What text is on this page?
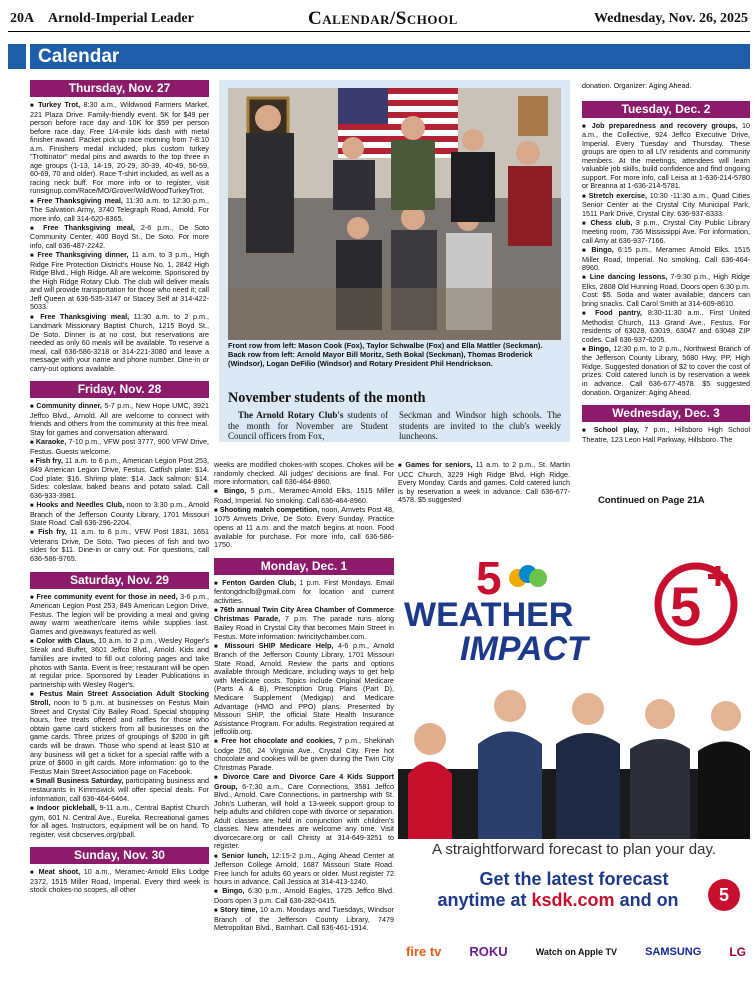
20A Arnold-Imperial Leader	Calendar/School	Wednesday, Nov. 26, 2025
Calendar
Thursday, Nov. 27

■ Turkey Trot, 8:30 a.m., Wildwood Farmers Market, 221 Plaza Drive. Family-friendly event. 5K for $49 per person before race day and 10K for $59 per person before race day. Free 1/4-mile kids dash with metal finisher award. Packet pick up race morning from 7-8:10 a.m. Finishers medal included, plus custom turkey "Trottinator" medal pins and awards to the top three in age groups (1-13, 14-19, 20-29, 30-39, 40-49, 50-59, 60-69, 70 and older). Race T-shirt included, as well as a racing neck buff. For more info or to register, visit runsignup.com/Race/MO/Grover/WildWoodTurkeyTrot.

■ Free Thanksgiving meal, 11:30 a.m. to 12:30 p.m., The Salvation Army, 3740 Telegraph Road, Arnold. For more info, call 314-620-8365.

■ Free Thanksgiving meal, 2-6 p.m., De Soto Community Center, 400 Boyd St., De Soto. For more info, call 636-487-2242.

■ Free Thanksgiving dinner, 11 a.m. to 3 p.m., High Ridge Fire Protection District's House No. 1, 2842 High Ridge Blvd., High Ridge. All are welcome. Sponsored by the High Ridge Rotary Club. The club will deliver meals and will provide transportation for those who need it; call Jeff Queen at 636-535-3147 or Stacey Self at 314-422-5033.

■ Free Thanksgiving meal, 11:30 a.m. to 2 p.m., Landmark Missionary Baptist Church, 1215 Boyd St., De Soto. Dinner is at no cost, but reservations are needed as only 60 meals will be available. To reserve a meal, call 636-586-3218 or 314-221-3080 and leave a message with your name and phone number. Dine-in or carry-out options available.

Friday, Nov. 28

■ Community dinner, 5-7 p.m., New Hope UMC, 3921 Jeffco Blvd., Arnold. All are welcome to connect with friends and others from the community at this free meal. Stay for games and conversation afterward.

■ Karaoke, 7-10 p.m., VFW post 3777, 900 VFW Drive, Festus. Guests welcome.

■ Fish fry, 11 a.m. to 6 p.m., American Legion Post 253, 849 American Legion Drive, Festus. Catfish plate: $14. Cod plate: $16. Shrimp plate: $14. Jack salmon: $14. Sides: coleslaw, baked beans and potato salad. Call 636-933-3981.

■ Hooks and Needles Club, noon to 3:30 p.m., Arnold Branch of the Jefferson County Library, 1701 Missouri State Road. Call 636-296-2204.

■ Fish fry, 11 a.m. to 6 p.m., VFW Post 1831, 1651 Veterans Drive, De Soto. Two pieces of fish and two sides for $11. Dine-in or carry out. For questions, call 636-586-9765.

Saturday, Nov. 29

■ Free community event for those in need, 3-6 p.m., American Legion Post 253, 849 American Legion Drive, Festus. The legion will be providing a meal and giving away warm weather/care items while supplies last. Games and giveaways featured as well.

■ Color with Claus, 10 a.m. to 2 p.m., Wesley Roger's Steak and Buffet, 3601 Jeffco Blvd., Arnold. Kids and families are invited to fill out coloring pages and take photos with Santa. Event is free; restaurant will be open at regular price. Sponsored by Leader Publications in partnership with Wesley Roger's.

■ Festus Main Street Association Adult Stocking Stroll, noon to 5 p.m. at businesses on Festus Main Street and Crystal City Bailey Road. Special shopping hours, free treats offered and raffles for those who obtain game card stickers from all businesses on the game cards. Three prizes of groupings of $200 in gift cards will be drawn. Those who spend at least $10 at any business will get a ticket for a special raffle with a prize of $600 in gift cards. More information: go to the Festus Main Street Association page on Facebook.

■ Small Business Saturday, participating business and restaurants in Kimmswick will offer special deals. For information, call 636-464-6464.

■ Indoor pickleball, 9-11 a.m., Central Baptist Church gym, 601 N. Central Ave., Eureka. Recreational games for all ages. Instructors, equipment will be on hand. To register, visit cbcserves.org/pball.

Sunday, Nov. 30

■ Meat shoot, 10 a.m., Meramec-Arnold Elks Lodge 2372, 1515 Miller Road, Imperial. Every third week is stock chokes-no scopes, all other

Front row from left: Mason Cook (Fox), Taylor Schwalbe (Fox) and Ella Mattler (Seckman). Back row from left: Arnold Mayor Bill Moritz, Seth Bokal (Seckman), Thomas Broderick (Windsor), Logan DeFilio (Windsor) and Rotary President Phil Hendrickson.
November students of the month
The Arnold Rotary Club's students of the month for November are Student Council officers from Fox,
Seckman and Windsor high schools. The students are invited to the club's weekly luncheons.

weeks are modified chokes-with scopes. Chokes will be randomly checked. All judges' decisions are final. For more information, call 636-464-8960.

■ Bingo, 5 p.m., Meramec-Arnold Elks, 1515 Miller Road, Imperial. No smoking. Call 636-464-8960.

■ Shooting match competition, noon, Amvets Post 48, 1075 Amvets Drive, De Soto. Every Sunday. Practice opens at 11 a.m. and the match begins at noon. Food available for purchase. For more info, call 636-586-1750.

Monday, Dec. 1

■ Fenton Garden Club, 1 p.m. First Mondays. Email fentongdnclb@gmail.com for location and current activities.

■ 76th annual Twin City Area Chamber of Commerce Christmas Parade, 7 p.m. The parade runs along Bailey Road in Crystal City that becomes Main Street in Festus. More information: twincitychamber.com.

■ Missouri SHIP Medicare Help, 4-6 p.m., Arnold Branch of the Jefferson County Library, 1701 Missouri State Road, Arnold. Review the parts and options available through Medicare, including ways to get help with Medicare costs. Topics include Original Medicare (Parts A & B), Prescription Drug Plans (Part D), Medicare Supplement (Medigap) and Medicare Advantage (HMO and PPO) plans. Presented by Missouri SHIP, the official State Health Insurance Assistance Program. For adults. Registration required at jeffcolib.org.

■ Free hot chocolate and cookies, 7 p.m., Shekinah Lodge 256, 24 Virginia Ave., Crystal City. Free hot chocolate and cookies will be given during the Twin City Christmas Parade.

■ Divorce Care and Divorce Care 4 Kids Support Group, 6-7:30 a.m., Care Connections, 3581 Jeffco Blvd., Arnold. Care Connections, in partnership with St. John's Lutheran, will hold a 13-week support group to help adults and children cope with divorce or separation. Adult classes are held in conjunction with children's classes. New attendees are welcome any time. Visit divorcecare.org or call Christy at 314-649-3251 to register.

■ Senior lunch, 12:15-2 p.m., Aging Ahead Center at Jefferson College Arnold, 1687 Missouri State Road. Free lunch for adults 60 years or older. Must register 72 hours in advance. Call Jessica at 314-413-1240.

■ Bingo, 6:30 p.m., Arnold Eagles, 1725 Jeffco Blvd. Doors open 3 p.m. Call 636-282-0415.

■ Story time, 10 a.m. Mondays and Tuesdays, Windsor Branch of the Jefferson County Library, 7479 Metropolitan Blvd., Barnhart. Call 636-461-1914.

■ Games for seniors, 11 a.m. to 2 p.m., St. Martin UCC Church, 3229 High Ridge Blvd, High Ridge. Every Monday. Cards and games. Cold catered lunch is by reservation a week in advance. Call 636-677-4578. $5 suggested

donation. Organizer: Aging Ahead.

Tuesday, Dec. 2

■ Job preparedness and recovery groups, 10 a.m., the Collective, 924 Jeffco Executive Drive, Imperial. Every Tuesday and Thursday. These groups are open to all LIV residents and community members. At the meetings, attendees will learn valuable job skills, build confidence and find ongoing support. For more info, call Leisa at 1-636-214-5780 or Breanna at 1-636-214-5781.

■ Stretch exercise, 10:30 -11:30 a.m., Quad Cities Senior Center at the Crystal City Municipal Park, 1511 Park Drive, Crystal City. 636-937-8333.

■ Chess club, 3 p.m., Crystal City Public Library meeting room, 736 Mississippi Ave. For information, call Amy at 636-937-7166.

■ Bingo, 6:15 p.m., Meramec Arnold Elks. 1515 Miller Road, Imperial. No smoking. Call 636-464-8960.

■ Line dancing lessons, 7-9:30 p.m., High Ridge Elks, 2808 Old Hunning Road. Doors open 6:30 p.m. Cost: $5. Soda and water available; dancers can bring snacks. Call Carol Smith at 314-609-8610.

■ Food pantry, 8:30-11:30 a.m., First United Methodist Church, 113 Grand Ave., Festus. For residents of 63028, 63019, 63047 and 63048 ZIP codes. Call 636-937-6205.

■ Bingo, 12:30 p.m. to 2 p.m., Northwest Branch of the Jefferson County Library, 5680 Hwy. PP, High Ridge. Suggested donation of $2 to cover the cost of prizes. Cold catered lunch is by reservation a week in advance. Call 636-677-4578. $5 suggested donation. Organizer: Aging Ahead.

Wednesday, Dec. 3

■ School play, 7 p.m., Hillsboro High School Theatre, 123 Leon Hall Parkway, Hillsboro. The

Continued on Page 21A
5	5
WEATHER
IMPACT
A straightforward forecast to plan your day.
Get the latest forecast
anytime at ksdk.com and on	5
fire tv ROKU	Watch on Apple TV	SAMSUNG LG
